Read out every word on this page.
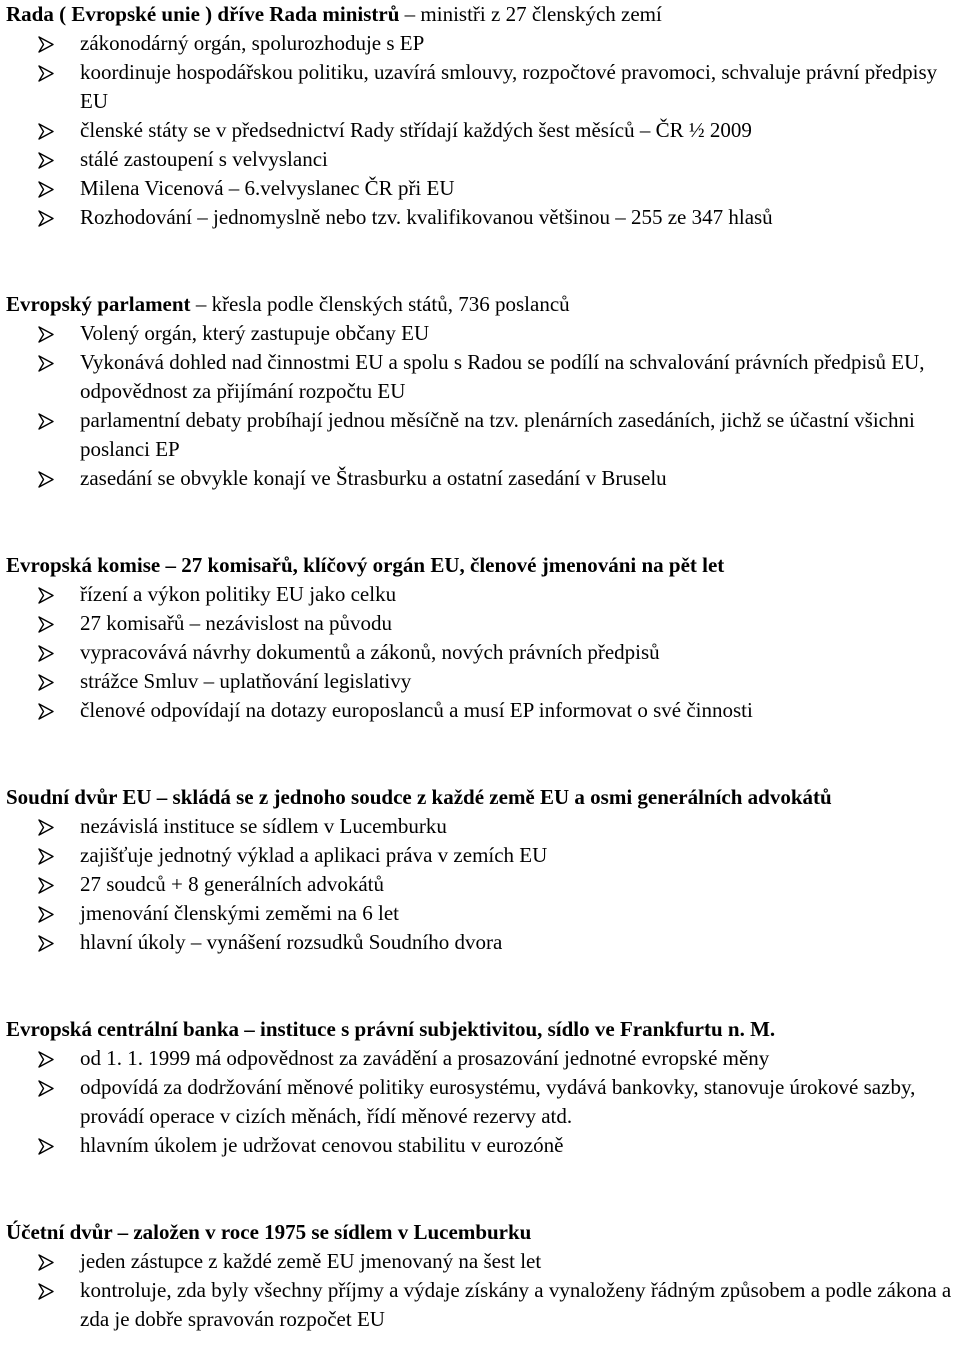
Rada ( Evropské unie ) dříve Rada ministrů – ministři z 27 členských zemí

zákonodárný orgán, spolurozhoduje s EP
koordinuje hospodářskou politiku, uzavírá smlouvy, rozpočtové pravomoci, schvaluje právní předpisy EU
členské státy se v předsednictví Rady střídají každých šest měsíců – ČR ½ 2009
stálé zastoupení s velvyslanci
Milena Vicenová – 6.velvyslanec ČR při EU
Rozhodování – jednomyslně nebo tzv. kvalifikovanou většinou – 255 ze 347 hlasů

Evropský parlament – křesla podle členských států, 736 poslanců

Volený orgán, který zastupuje občany EU
Vykonává dohled nad činnostmi EU a spolu s Radou se podílí na schvalování právních předpisů EU, odpovědnost za přijímání rozpočtu EU
parlamentní debaty probíhají jednou měsíčně na tzv. plenárních zasedáních, jichž se účastní všichni poslanci EP
zasedání se obvykle konají ve Štrasburku a ostatní zasedání v Bruselu

Evropská komise – 27 komisařů, klíčový orgán EU, členové jmenováni na pět let

řízení a výkon politiky EU jako celku
27 komisařů – nezávislost na původu
vypracovává návrhy dokumentů a zákonů, nových právních předpisů
strážce Smluv – uplatňování legislativy
členové odpovídají na dotazy europoslanců a musí EP informovat o své činnosti

Soudní dvůr EU – skládá se z jednoho soudce z každé země EU a osmi generálních advokátů

nezávislá instituce se sídlem v Lucemburku
zajišťuje jednotný výklad a aplikaci práva v zemích EU
27 soudců + 8 generálních advokátů
jmenování členskými zeměmi na 6 let
hlavní úkoly – vynášení rozsudků Soudního dvora

Evropská centrální banka – instituce s právní subjektivitou, sídlo ve Frankfurtu n. M.

od 1. 1. 1999 má odpovědnost za zavádění a prosazování jednotné evropské měny
odpovídá za dodržování měnové politiky eurosystému, vydává bankovky, stanovuje úrokové sazby, provádí operace v cizích měnách, řídí měnové rezervy atd.
hlavním úkolem je udržovat cenovou stabilitu v eurozóně

Účetní dvůr – založen v roce 1975 se sídlem v Lucemburku

jeden zástupce z každé země EU jmenovaný na šest let
kontroluje, zda byly všechny příjmy a výdaje získány a vynaloženy řádným způsobem a podle zákona a zda je dobře spravován rozpočet EU
